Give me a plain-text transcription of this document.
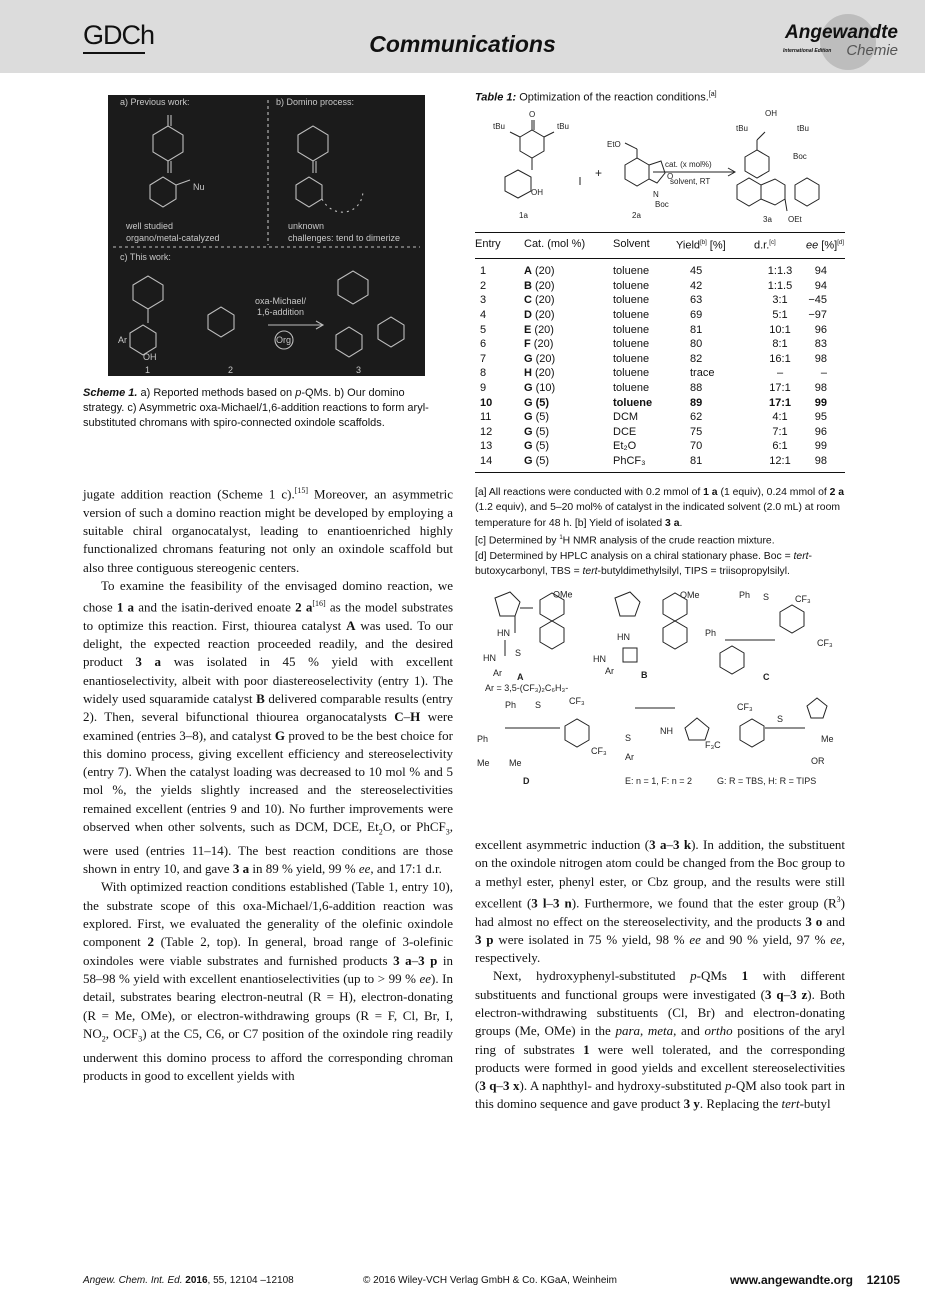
GDCh	Communications	Angewandte
International Edition Chemie
a) Previous work:	b) Domino process:
Nu
well studied
organo/metal-catalyzed
unknown
challenges: tend to dimerize
c) This work:
Ar
OH
oxa-Michael/
1,6-addition
Org
1	2	3
Scheme 1. a) Reported methods based on p-QMs. b) Our domino strategy. c) Asymmetric oxa-Michael/1,6-addition reactions to form aryl-substituted chromans with spiro-connected oxindole scaffolds.
Table 1: Optimization of the reaction conditions.[a]
tBu	tBu
O
OH
1a
+
EtO
O
N
Boc
2a
cat. (x mol%)
solvent, RT
tBu	tBu
OH
Boc
3a OEt
Entry	Cat. (mol %)	Solvent	Yield[b] [%]	d.r.[c]	ee [%][d]
1	A (20)	toluene	45	1:1.3	94
2	B (20)	toluene	42	1:1.5	94
3	C (20)	toluene	63	3:1	−45
4	D (20)	toluene	69	5:1	−97
5	E (20)	toluene	81	10:1	96
6	F (20)	toluene	80	8:1	83
7	G (20)	toluene	82	16:1	98
8	H (20)	toluene	trace	–	–
9	G (10)	toluene	88	17:1	98
10	G (5)	toluene	89	17:1	99
11	G (5)	DCM	62	4:1	95
12	G (5)	DCE	75	7:1	96
13	G (5)	Et₂O	70	6:1	99
14	G (5)	PhCF₃	81	12:1	98

[a] All reactions were conducted with 0.2 mmol of 1 a (1 equiv), 0.24 mmol of 2 a (1.2 equiv), and 5–20 mol% of catalyst in the indicated solvent (2.0 mL) at room temperature for 48 h. [b] Yield of isolated 3 a.

[c] Determined by $^1$H NMR analysis of the crude reaction mixture.

[d] Determined by HPLC analysis on a chiral stationary phase. Boc = tert-butoxycarbonyl, TBS = tert-butyldimethylsilyl, TIPS = triisopropylsilyl.

OMe
HN
S
HN
Ar A
Ar = 3,5-(CF₃)₂C₆H₃-
OMe
HN
HN
Ar	B
Ph
Ph
S	CF₃
CF₃
C
Ph
Ph
S	CF₃
CF₃
Me Me
D
S
NH
Ar
E: n = 1, F: n = 2
CF₃
F₃C
S
Me
OR
G: R = TBS, H: R = TIPS

jugate addition reaction (Scheme 1 c).[15] Moreover, an asymmetric version of such a domino reaction might be developed by employing a suitable chiral organocatalyst, leading to enantioenriched highly functionalized chromans featuring not only an oxindole scaffold but also three contiguous stereogenic centers.

To examine the feasibility of the envisaged domino reaction, we chose 1 a and the isatin-derived enoate 2 a[16] as the model substrates to optimize this reaction. First, thiourea catalyst A was used. To our delight, the expected reaction proceeded readily, and the desired product 3 a was isolated in 45 % yield with excellent enantioselectivity, albeit with poor diastereoselectivity (entry 1). The widely used squaramide catalyst B delivered comparable results (entry 2). Then, several bifunctional thiourea organocatalysts C–H were examined (entries 3–8), and catalyst G proved to be the best choice for this domino process, giving excellent efficiency and stereoselectivity (entry 7). When the catalyst loading was decreased to 10 mol % and 5 mol %, the yields slightly increased and the stereoselectivities remained excellent (entries 9 and 10). No further improvements were observed when other solvents, such as DCM, DCE, $Et_2O$, or PhCF$_3$, were used (entries 11–14). The best reaction conditions are those shown in entry 10, and gave 3 a in 89 % yield, 99 % ee, and 17:1 d.r.

With optimized reaction conditions established (Table 1, entry 10), the substrate scope of this oxa-Michael/1,6-addition reaction was explored. First, we evaluated the generality of the olefinic oxindole component 2 (Table 2, top). In general, broad range of 3-olefinic oxindoles were viable substrates and furnished products 3 a–3 p in 58–98 % yield with excellent enantioselectivities (up to > 99 % ee). In detail, substrates bearing electron-neutral (R = H), electron-donating (R = Me, OMe), or electron-withdrawing groups (R = F, Cl, Br, I, $NO_2$, $OCF_3$) at the C5, C6, or C7 position of the oxindole ring readily underwent this domino process to afford the corresponding chroman products in good to excellent yields with

excellent asymmetric induction (3 a–3 k). In addition, the substituent on the oxindole nitrogen atom could be changed from the Boc group to a methyl ester, phenyl ester, or Cbz group, and the results were still excellent (3 l–3 n). Furthermore, we found that the ester group $(R^3)$ had almost no effect on the stereoselectivity, and the products 3 o and 3 p were isolated in 75 % yield, 98 % ee and 90 % yield, 97 % ee, respectively.

Next, hydroxyphenyl-substituted p-QMs 1 with different substituents and functional groups were investigated (3 q–3 z). Both electron-withdrawing substituents (Cl, Br) and electron-donating groups (Me, OMe) in the para, meta, and ortho positions of the aryl ring of substrates 1 were well tolerated, and the corresponding products were formed in good yields and excellent stereoselectivities (3 q–3 x). A naphthyl- and hydroxy-substituted p-QM also took part in this domino sequence and gave product 3 y. Replacing the tert-butyl

Angew. Chem. Int. Ed. 2016, 55, 12104 –12108	© 2016 Wiley-VCH Verlag GmbH & Co. KGaA, Weinheim	www.angewandte.org 12105
